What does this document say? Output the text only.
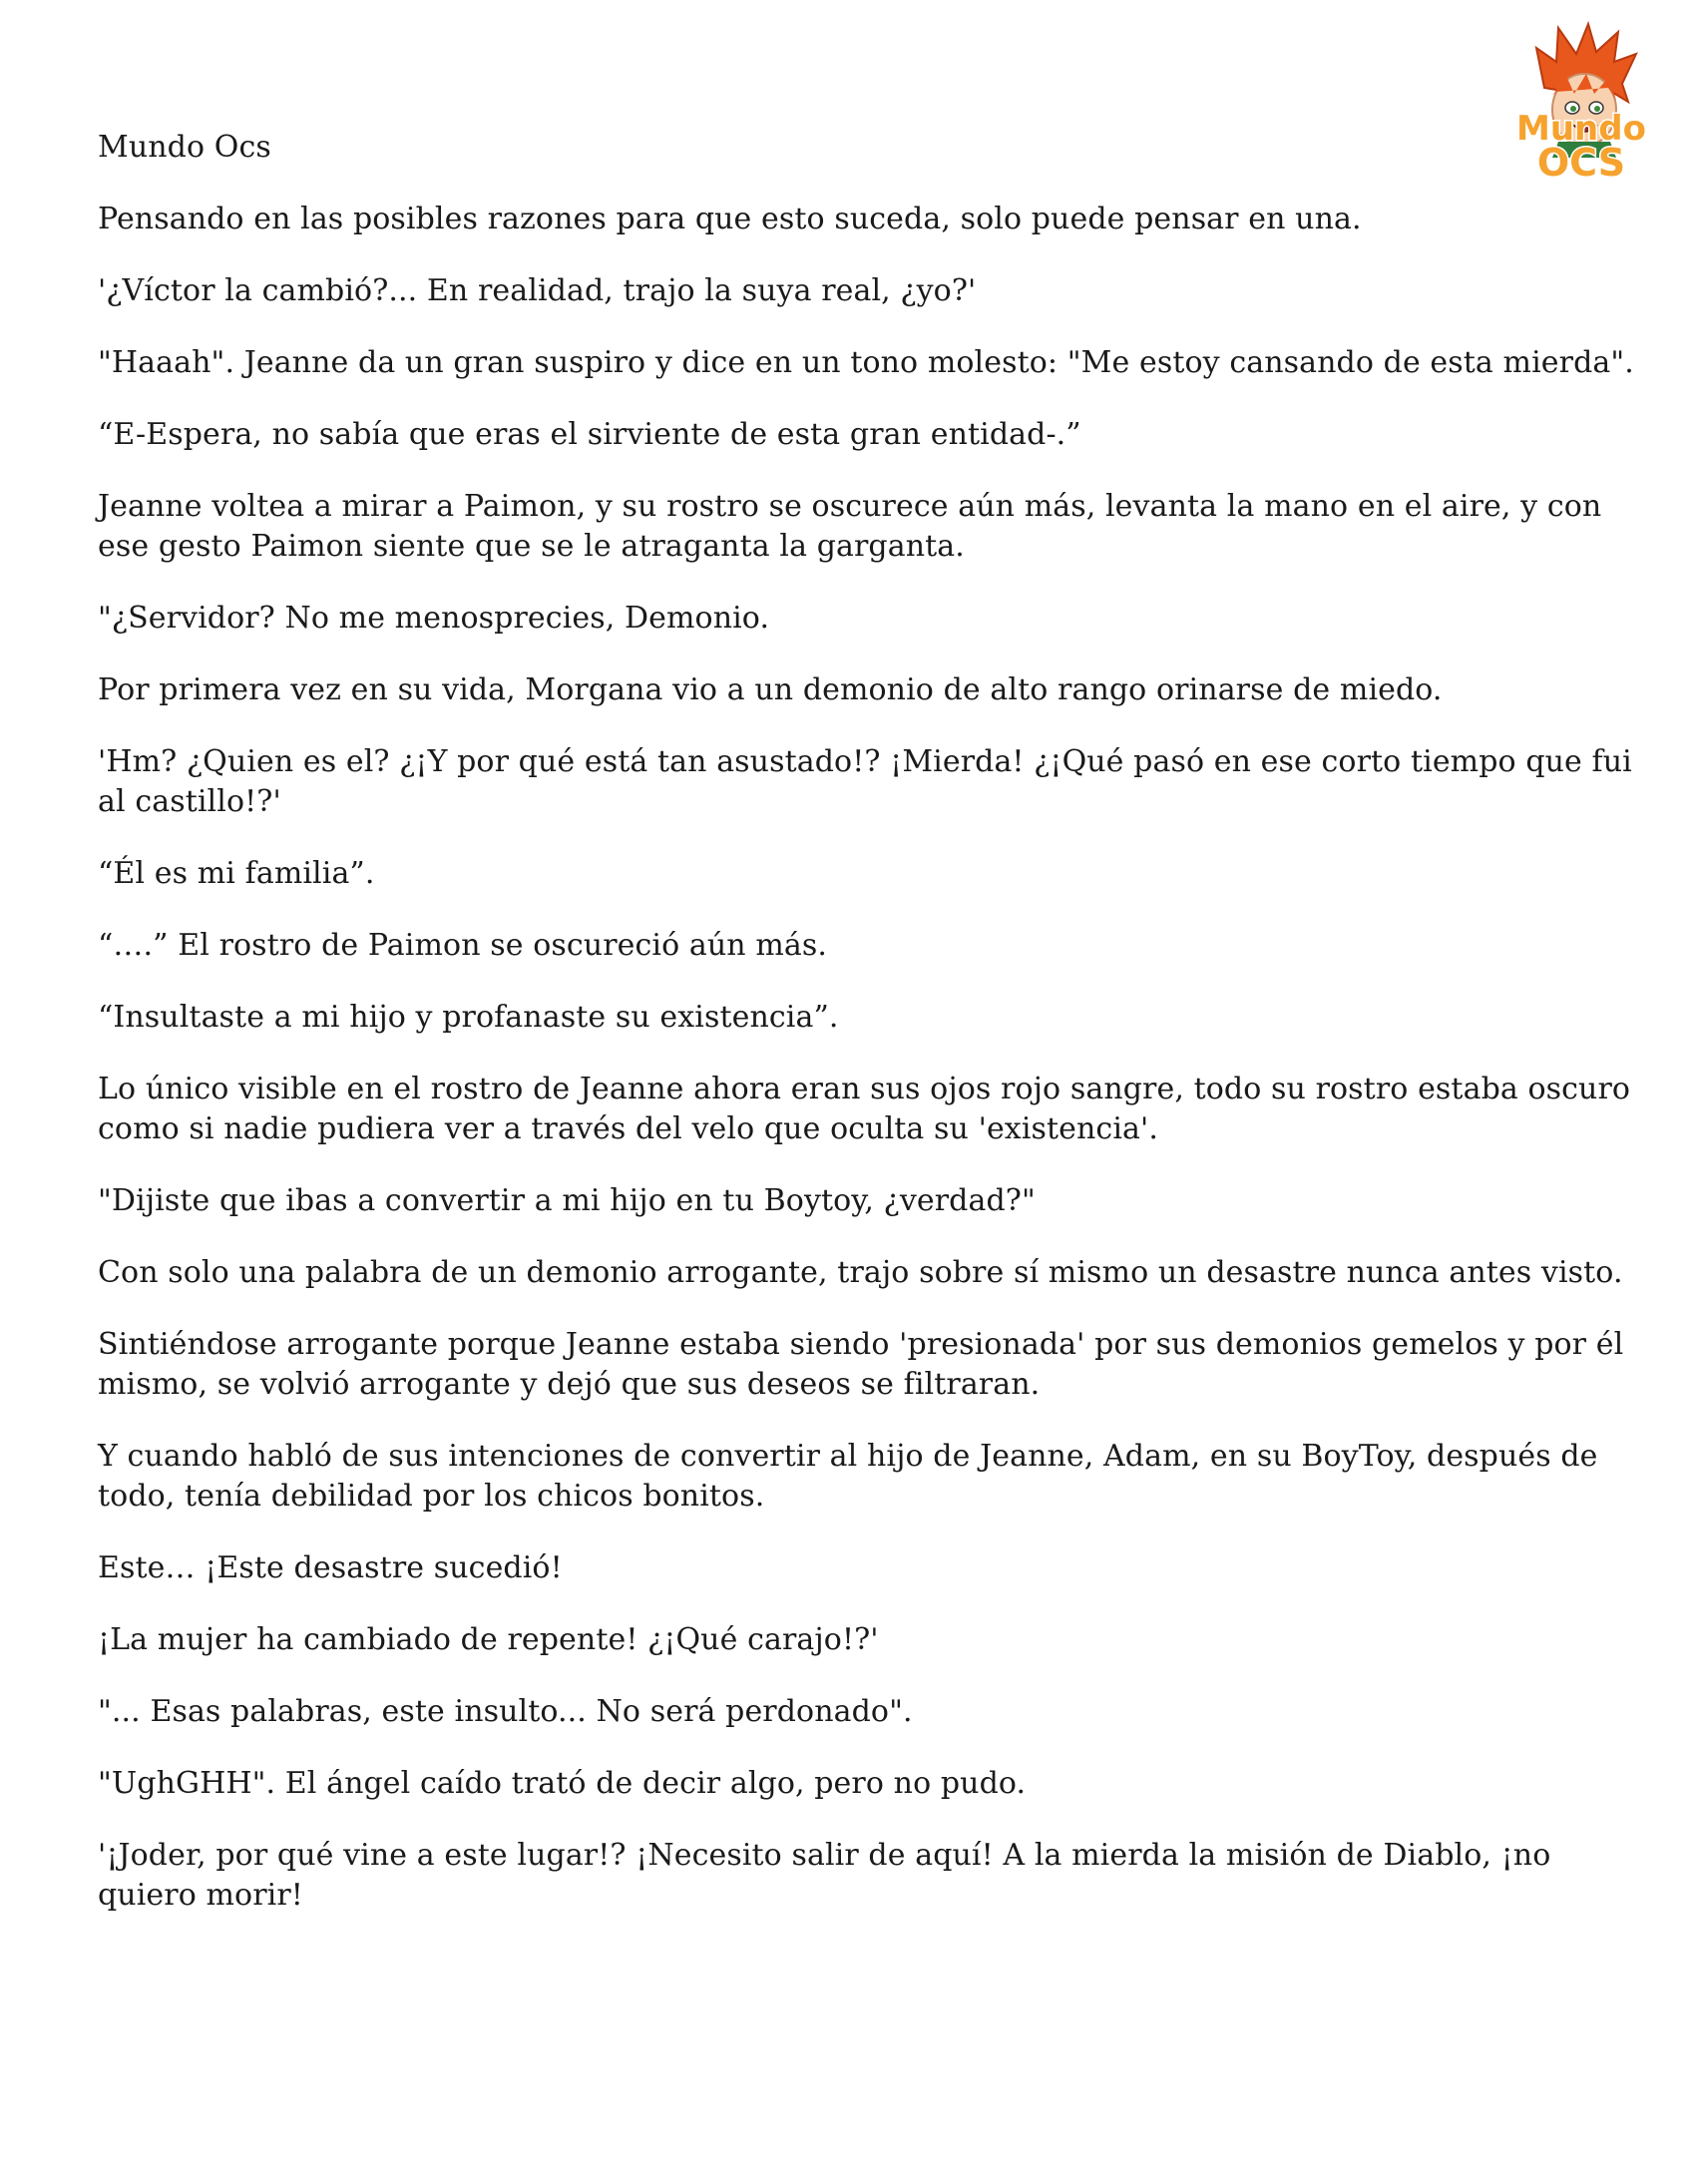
Mundo
OCS

Mundo Ocs

Pensando en las posibles razones para que esto suceda, solo puede pensar en una.

'¿Víctor la cambió?... En realidad, trajo la suya real, ¿yo?'

"Haaah". Jeanne da un gran suspiro y dice en un tono molesto: "Me estoy cansando de esta mierda".

“E-Espera, no sabía que eras el sirviente de esta gran entidad-.”

Jeanne voltea a mirar a Paimon, y su rostro se oscurece aún más, levanta la mano en el aire, y con ese gesto Paimon siente que se le atraganta la garganta.

"¿Servidor? No me menosprecies, Demonio.

Por primera vez en su vida, Morgana vio a un demonio de alto rango orinarse de miedo.

'Hm? ¿Quien es el? ¿¡Y por qué está tan asustado!? ¡Mierda! ¿¡Qué pasó en ese corto tiempo que fui al castillo!?'

“Él es mi familia”.

“….” El rostro de Paimon se oscureció aún más.

“Insultaste a mi hijo y profanaste su existencia”.

Lo único visible en el rostro de Jeanne ahora eran sus ojos rojo sangre, todo su rostro estaba oscuro como si nadie pudiera ver a través del velo que oculta su 'existencia'.

"Dijiste que ibas a convertir a mi hijo en tu Boytoy, ¿verdad?"

Con solo una palabra de un demonio arrogante, trajo sobre sí mismo un desastre nunca antes visto.

Sintiéndose arrogante porque Jeanne estaba siendo 'presionada' por sus demonios gemelos y por él mismo, se volvió arrogante y dejó que sus deseos se filtraran.

Y cuando habló de sus intenciones de convertir al hijo de Jeanne, Adam, en su BoyToy, después de todo, tenía debilidad por los chicos bonitos.

Este… ¡Este desastre sucedió!

¡La mujer ha cambiado de repente! ¿¡Qué carajo!?'

"... Esas palabras, este insulto... No será perdonado".

"UghGHH". El ángel caído trató de decir algo, pero no pudo.

'¡Joder, por qué vine a este lugar!? ¡Necesito salir de aquí! A la mierda la misión de Diablo, ¡no quiero morir!
